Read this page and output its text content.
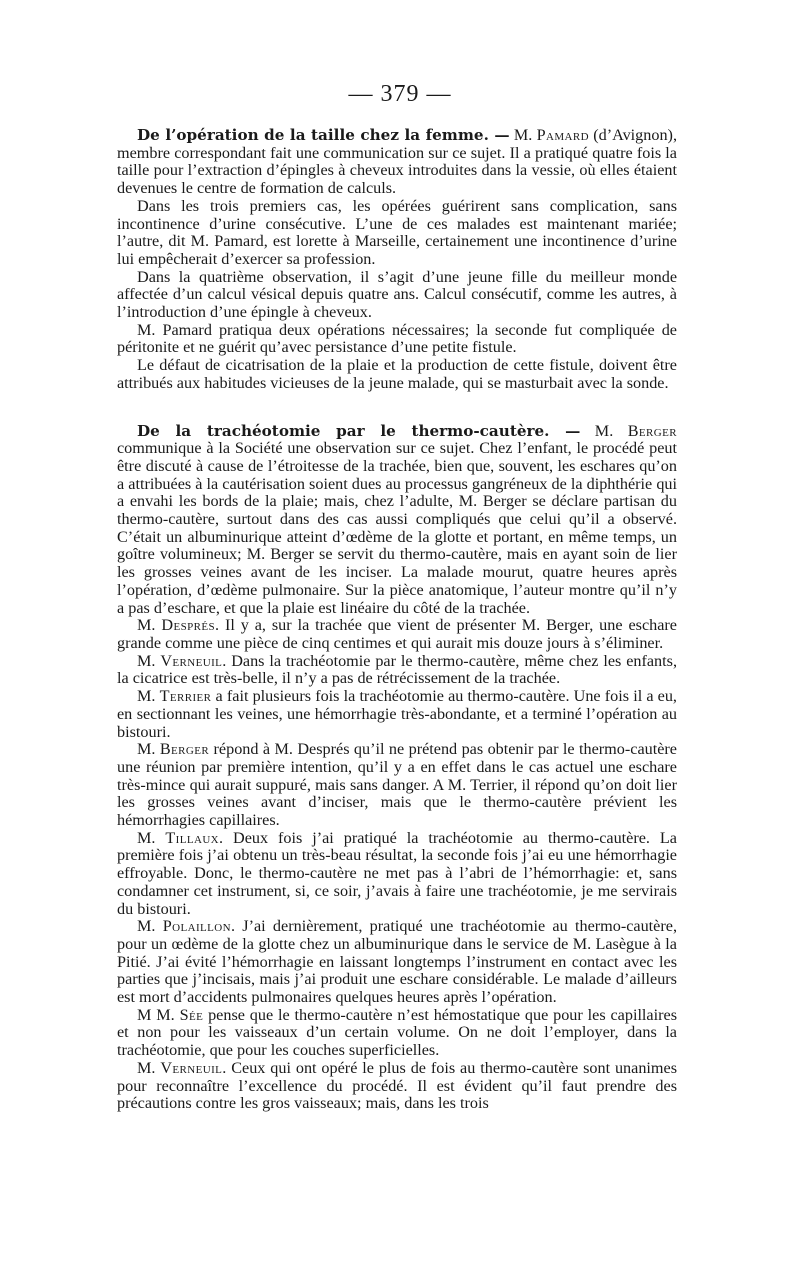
— 379 —

De l’opération de la taille chez la femme. — M. Pamard (d’Avignon), membre correspondant fait une communication sur ce sujet. Il a pratiqué quatre fois la taille pour l’extraction d’épingles à cheveux introduites dans la vessie, où elles étaient devenues le centre de formation de calculs.

Dans les trois premiers cas, les opérées guérirent sans complication, sans incontinence d’urine consécutive. L’une de ces malades est maintenant mariée; l’autre, dit M. Pamard, est lorette à Marseille, certainement une incontinence d’urine lui empêcherait d’exercer sa profession.

Dans la quatrième observation, il s’agit d’une jeune fille du meilleur monde affectée d’un calcul vésical depuis quatre ans. Calcul consécutif, comme les autres, à l’introduction d’une épingle à cheveux.

M. Pamard pratiqua deux opérations nécessaires; la seconde fut compliquée de péritonite et ne guérit qu’avec persistance d’une petite fistule.

Le défaut de cicatrisation de la plaie et la production de cette fistule, doivent être attribués aux habitudes vicieuses de la jeune malade, qui se masturbait avec la sonde.

De la trachéotomie par le thermo-cautère. — M. Berger communique à la Société une observation sur ce sujet. Chez l’enfant, le procédé peut être discuté à cause de l’étroitesse de la trachée, bien que, souvent, les eschares qu’on a attribuées à la cautérisation soient dues au processus gangréneux de la diphthérie qui a envahi les bords de la plaie; mais, chez l’adulte, M. Berger se déclare partisan du thermo-cautère, surtout dans des cas aussi compliqués que celui qu’il a observé. C’était un albuminurique atteint d’œdème de la glotte et portant, en même temps, un goître volumineux; M. Berger se servit du thermo-cautère, mais en ayant soin de lier les grosses veines avant de les inciser. La malade mourut, quatre heures après l’opération, d’œdème pulmonaire. Sur la pièce anatomique, l’auteur montre qu’il n’y a pas d’eschare, et que la plaie est linéaire du côté de la trachée.

M. Després. Il y a, sur la trachée que vient de présenter M. Berger, une eschare grande comme une pièce de cinq centimes et qui aurait mis douze jours à s’éliminer.

M. Verneuil. Dans la trachéotomie par le thermo-cautère, même chez les enfants, la cicatrice est très-belle, il n’y a pas de rétrécissement de la trachée.

M. Terrier a fait plusieurs fois la trachéotomie au thermo-cautère. Une fois il a eu, en sectionnant les veines, une hémorrhagie très-abondante, et a terminé l’opération au bistouri.

M. Berger répond à M. Després qu’il ne prétend pas obtenir par le thermo-cautère une réunion par première intention, qu’il y a en effet dans le cas actuel une eschare très-mince qui aurait suppuré, mais sans danger. A M. Terrier, il répond qu’on doit lier les grosses veines avant d’inciser, mais que le thermo-cautère prévient les hémorrhagies capillaires.

M. Tillaux. Deux fois j’ai pratiqué la trachéotomie au thermo-cautère. La première fois j’ai obtenu un très-beau résultat, la seconde fois j’ai eu une hémorrhagie effroyable. Donc, le thermo-cautère ne met pas à l’abri de l’hémorrhagie: et, sans condamner cet instrument, si, ce soir, j’avais à faire une trachéotomie, je me servirais du bistouri.

M. Polaillon. J’ai dernièrement, pratiqué une trachéotomie au thermo-cautère, pour un œdème de la glotte chez un albuminurique dans le service de M. Lasègue à la Pitié. J’ai évité l’hémorrhagie en laissant longtemps l’instrument en contact avec les parties que j’incisais, mais j’ai produit une eschare considérable. Le malade d’ailleurs est mort d’accidents pulmonaires quelques heures après l’opération.

M M. Sée pense que le thermo-cautère n’est hémostatique que pour les capillaires et non pour les vaisseaux d’un certain volume. On ne doit l’employer, dans la trachéotomie, que pour les couches superficielles.

M. Verneuil. Ceux qui ont opéré le plus de fois au thermo-cautère sont unanimes pour reconnaître l’excellence du procédé. Il est évident qu’il faut prendre des précautions contre les gros vaisseaux; mais, dans les trois
